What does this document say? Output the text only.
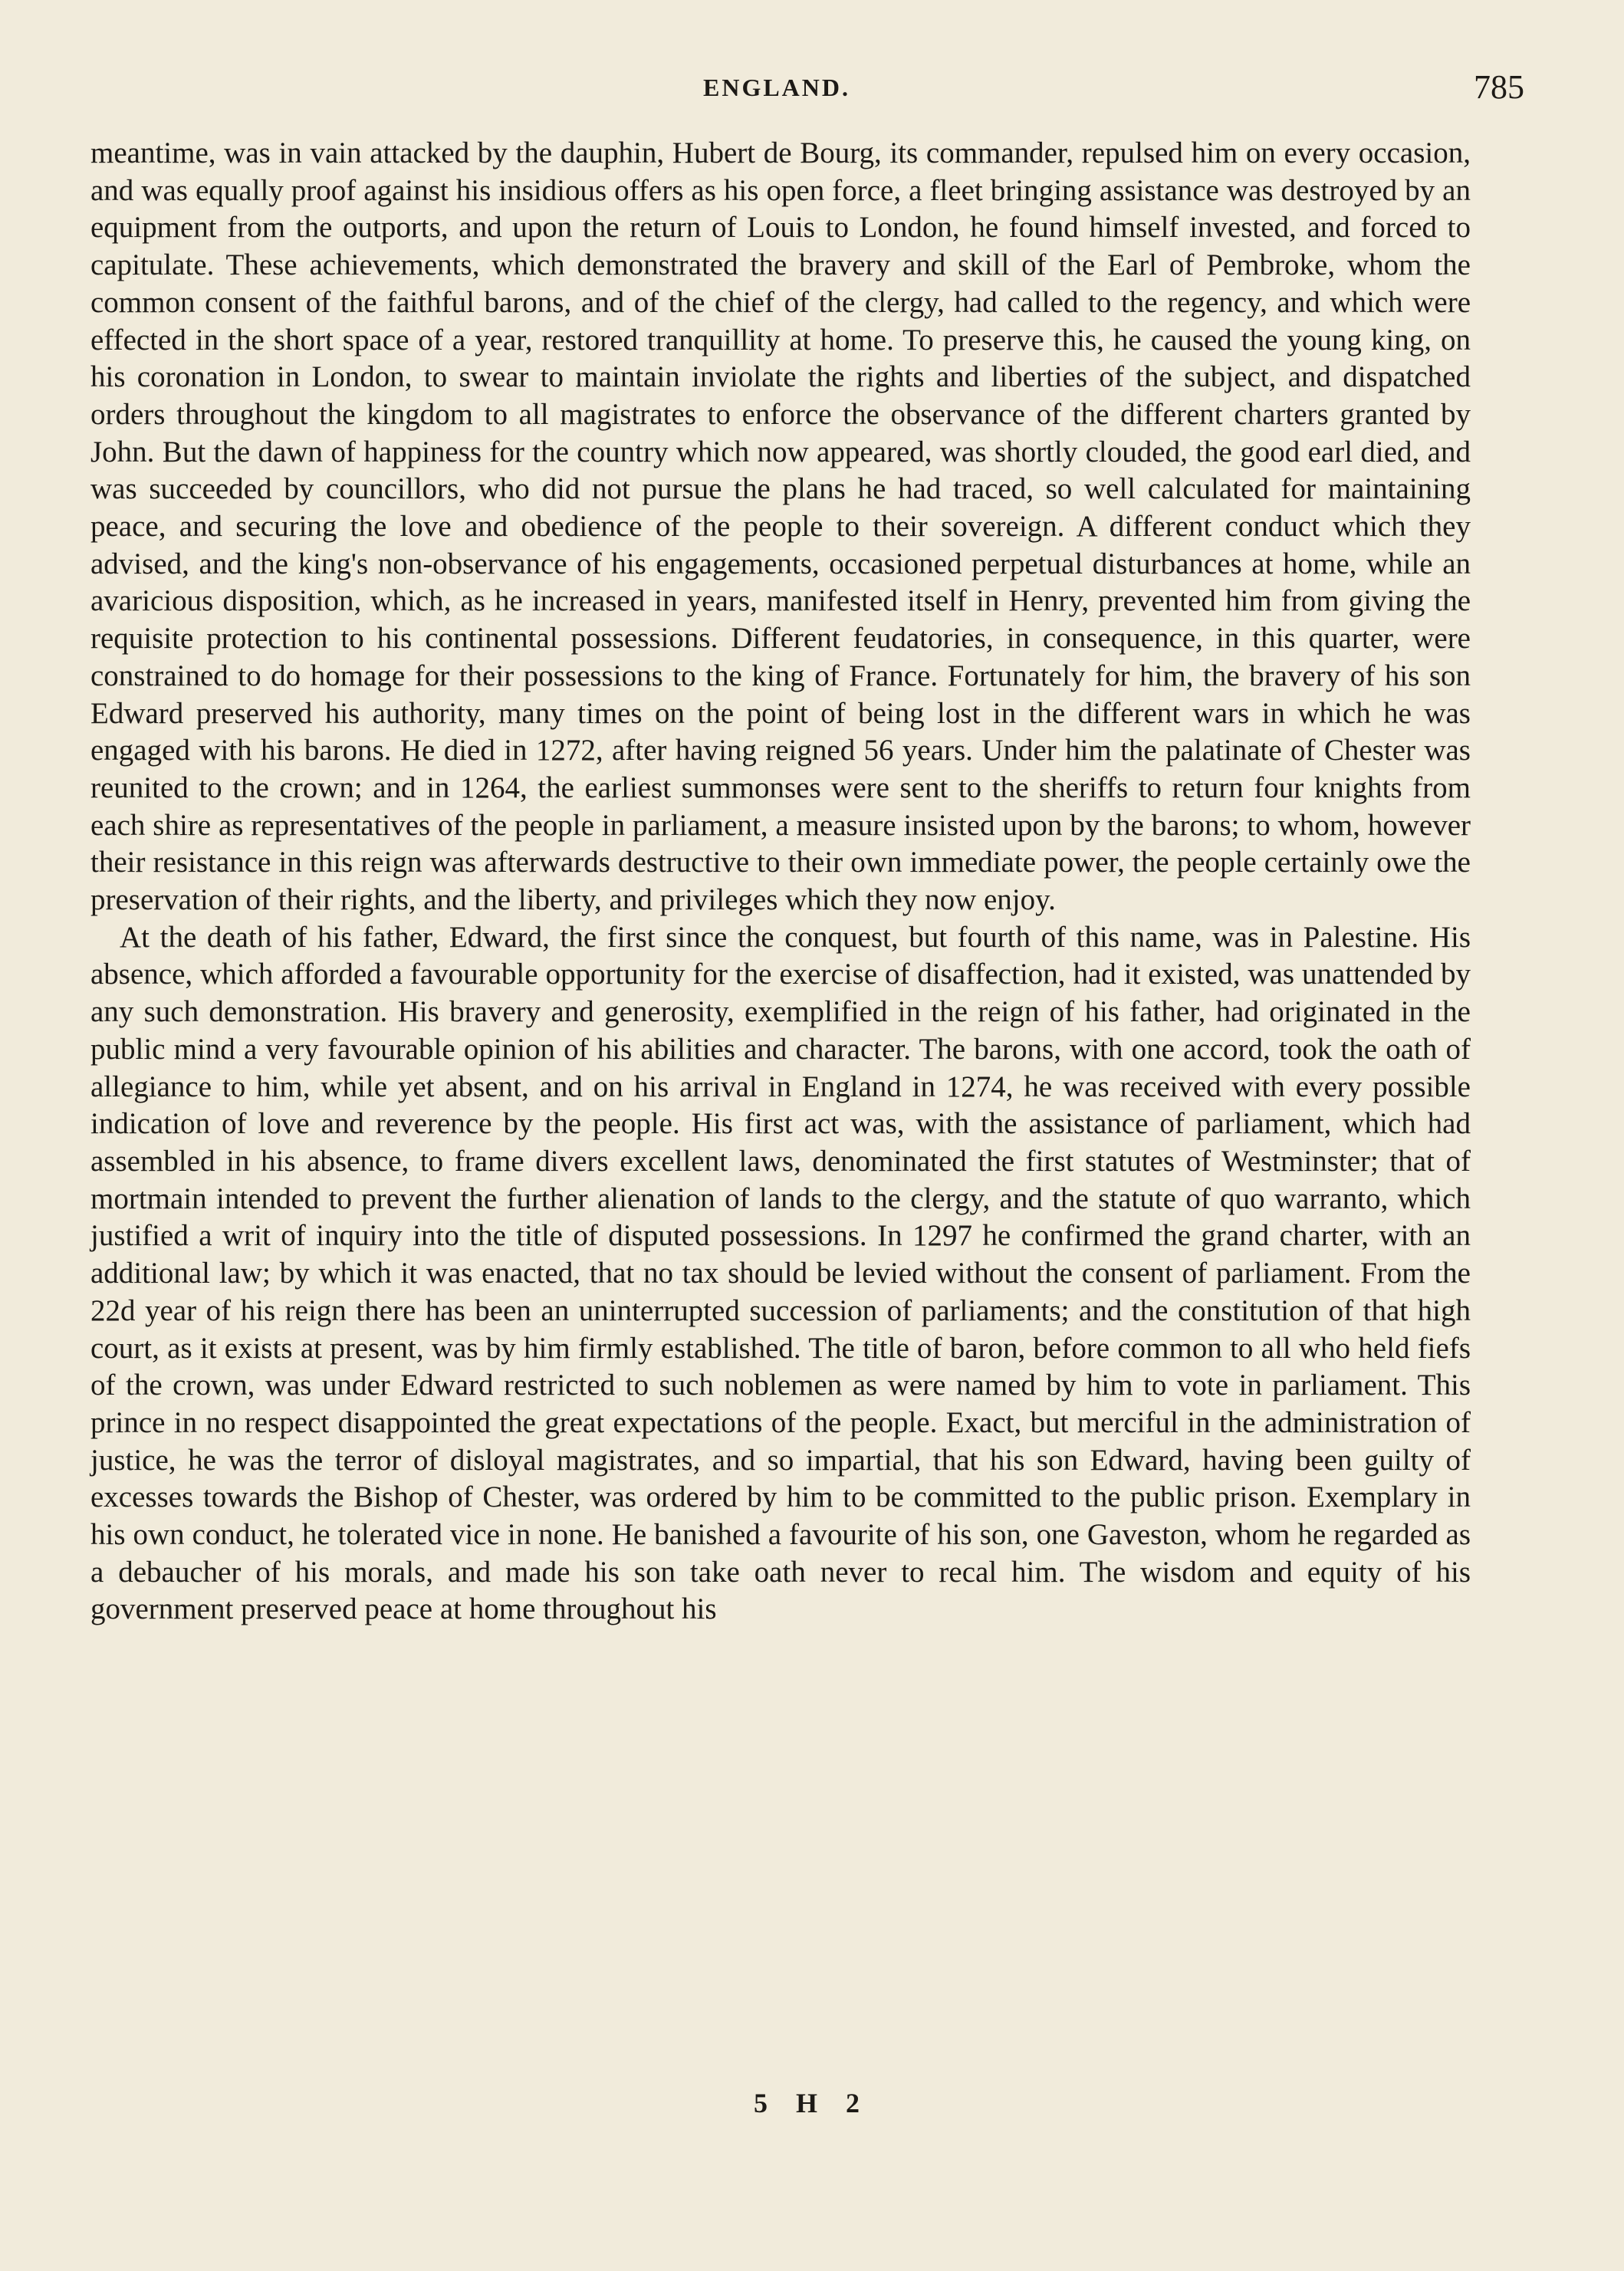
ENGLAND.	785

meantime, was in vain attacked by the dauphin, Hubert de Bourg, its commander, repulsed him on every occasion, and was equally proof against his insidious offers as his open force, a fleet bringing assistance was destroyed by an equipment from the outports, and upon the return of Louis to London, he found himself invested, and forced to capitulate. These achievements, which demonstrated the bravery and skill of the Earl of Pembroke, whom the common consent of the faithful barons, and of the chief of the clergy, had called to the regency, and which were effected in the short space of a year, restored tranquillity at home. To preserve this, he caused the young king, on his coronation in London, to swear to maintain inviolate the rights and liberties of the subject, and dispatched orders throughout the kingdom to all magistrates to enforce the observance of the different charters granted by John. But the dawn of happiness for the country which now appeared, was shortly clouded, the good earl died, and was succeeded by councillors, who did not pursue the plans he had traced, so well calculated for maintaining peace, and securing the love and obedience of the people to their sovereign. A different conduct which they advised, and the king's non-observance of his engagements, occasioned perpetual disturbances at home, while an avaricious disposition, which, as he increased in years, manifested itself in Henry, prevented him from giving the requisite protection to his continental possessions. Different feudatories, in consequence, in this quarter, were constrained to do homage for their possessions to the king of France. Fortunately for him, the bravery of his son Edward preserved his authority, many times on the point of being lost in the different wars in which he was engaged with his barons. He died in 1272, after having reigned 56 years. Under him the palatinate of Chester was reunited to the crown; and in 1264, the earliest summonses were sent to the sheriffs to return four knights from each shire as representatives of the people in parliament, a measure insisted upon by the barons; to whom, however their resistance in this reign was afterwards destructive to their own immediate power, the people certainly owe the preservation of their rights, and the liberty, and privileges which they now enjoy.

At the death of his father, Edward, the first since the conquest, but fourth of this name, was in Palestine. His absence, which afforded a favourable opportunity for the exercise of disaffection, had it existed, was unattended by any such demonstration. His bravery and generosity, exemplified in the reign of his father, had originated in the public mind a very favourable opinion of his abilities and character. The barons, with one accord, took the oath of allegiance to him, while yet absent, and on his arrival in England in 1274, he was received with every possible indication of love and reverence by the people. His first act was, with the assistance of parliament, which had assembled in his absence, to frame divers excellent laws, denominated the first statutes of Westminster; that of mortmain intended to prevent the further alienation of lands to the clergy, and the statute of quo warranto, which justified a writ of inquiry into the title of disputed possessions. In 1297 he confirmed the grand charter, with an additional law; by which it was enacted, that no tax should be levied without the consent of parliament. From the 22d year of his reign there has been an uninterrupted succession of parliaments; and the constitution of that high court, as it exists at present, was by him firmly established. The title of baron, before common to all who held fiefs of the crown, was under Edward restricted to such noblemen as were named by him to vote in parliament. This prince in no respect disappointed the great expectations of the people. Exact, but merciful in the administration of justice, he was the terror of disloyal magistrates, and so impartial, that his son Edward, having been guilty of excesses towards the Bishop of Chester, was ordered by him to be committed to the public prison. Exemplary in his own conduct, he tolerated vice in none. He banished a favourite of his son, one Gaveston, whom he regarded as a debaucher of his morals, and made his son take oath never to recal him. The wisdom and equity of his government preserved peace at home throughout his

5 H 2
